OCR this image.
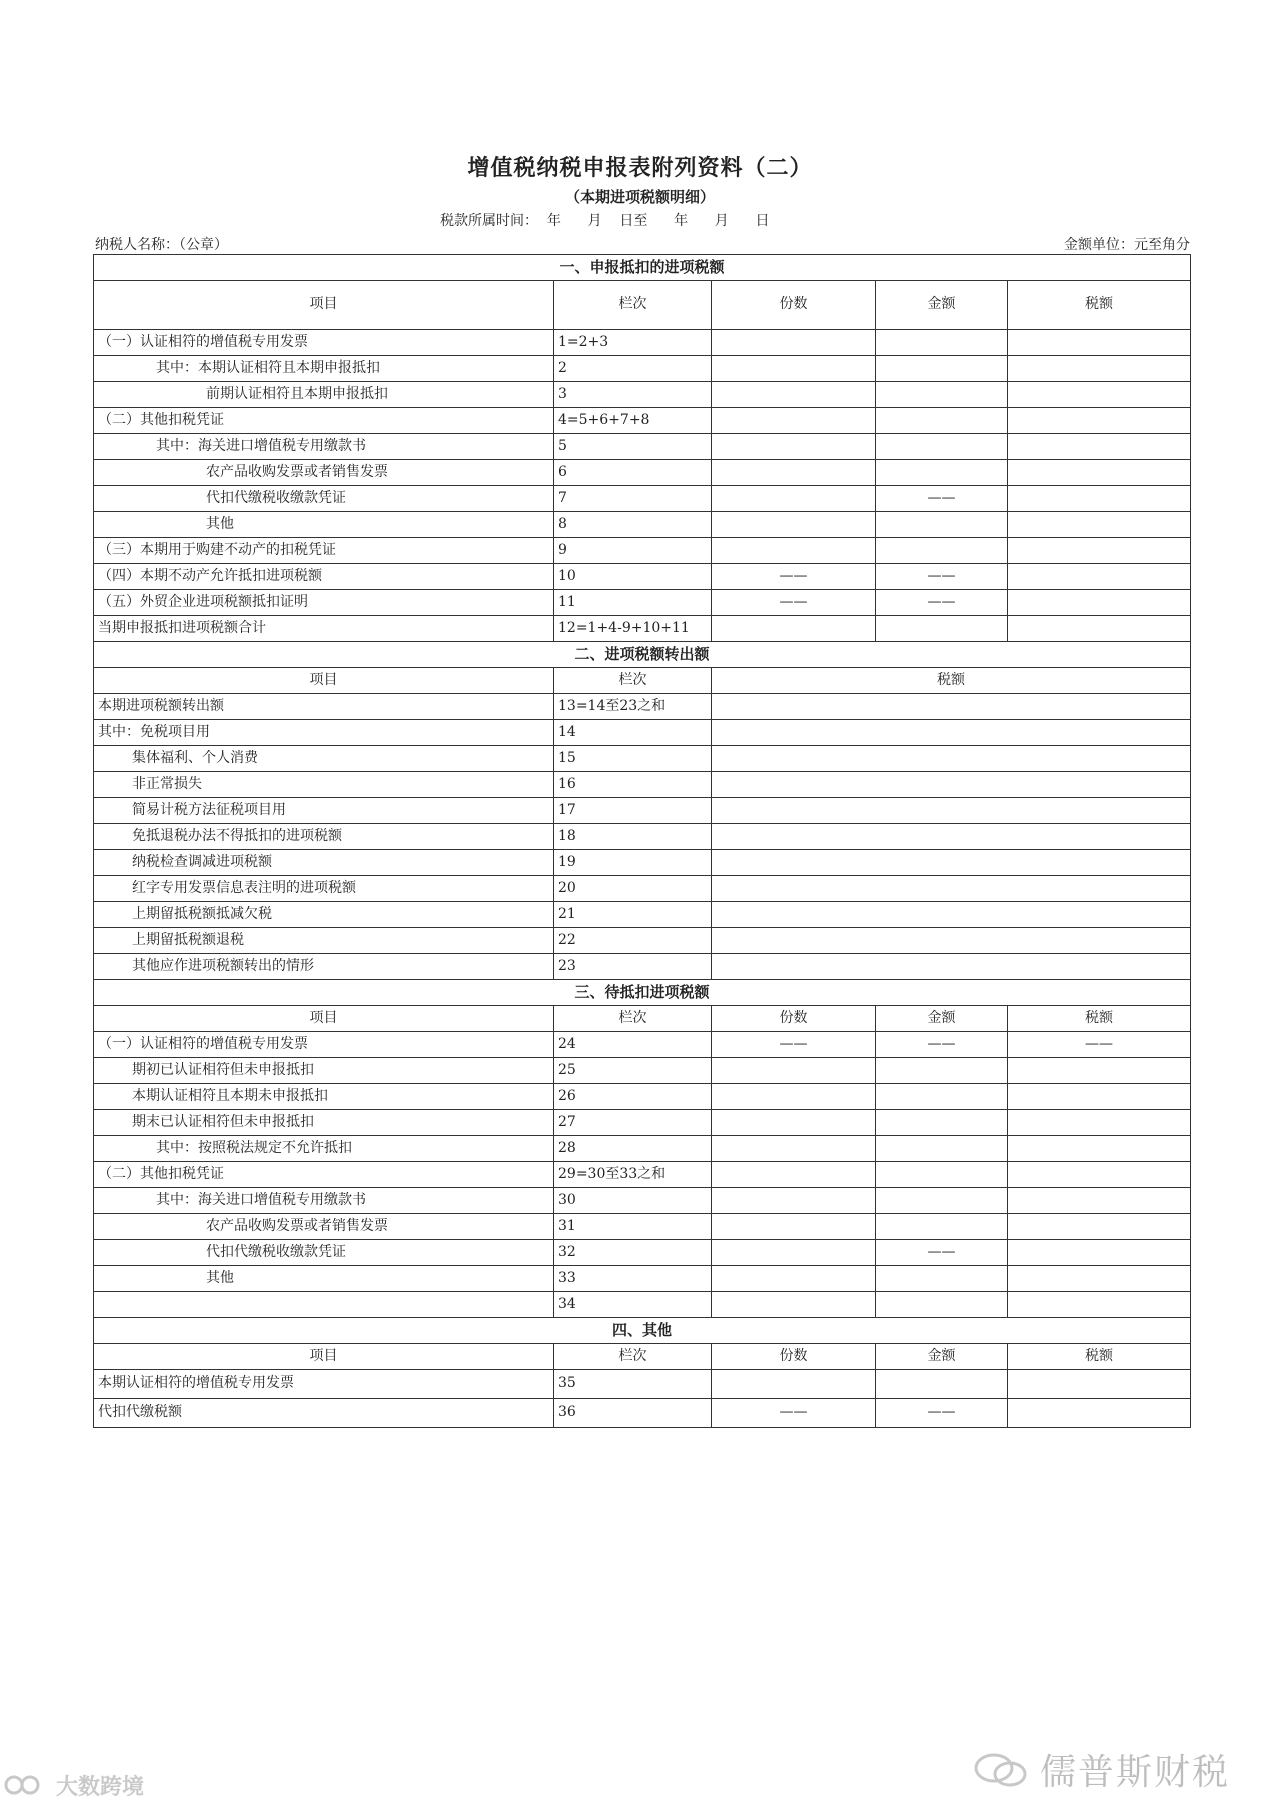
增值税纳税申报表附列资料（二）
（本期进项税额明细）
税款所属时间：  年      月    日至      年      月      日
纳税人名称：（公章）	金额单位：元至角分
一、申报抵扣的进项税额				
项目	栏次	份数	金额	税额
（一）认证相符的增值税专用发票	1=2+3			
其中：本期认证相符且本期申报抵扣	2			
前期认证相符且本期申报抵扣	3			
（二）其他扣税凭证	4=5+6+7+8			
其中：海关进口增值税专用缴款书	5			
农产品收购发票或者销售发票	6			
代扣代缴税收缴款凭证	7		——	
其他	8			
（三）本期用于购建不动产的扣税凭证	9			
（四）本期不动产允许抵扣进项税额	10	——	——	
（五）外贸企业进项税额抵扣证明	11	——	——	
当期申报抵扣进项税额合计	12=1+4-9+10+11			
二、进项税额转出额				
项目	栏次	税额		
本期进项税额转出额	13=14至23之和			
其中：免税项目用	14			
集体福利、个人消费	15			
非正常损失	16			
简易计税方法征税项目用	17			
免抵退税办法不得抵扣的进项税额	18			
纳税检查调减进项税额	19			
红字专用发票信息表注明的进项税额	20			
上期留抵税额抵减欠税	21			
上期留抵税额退税	22			
其他应作进项税额转出的情形	23			
三、待抵扣进项税额				
项目	栏次	份数	金额	税额
（一）认证相符的增值税专用发票	24	——	——	——
期初已认证相符但未申报抵扣	25			
本期认证相符且本期未申报抵扣	26			
期末已认证相符但未申报抵扣	27			
其中：按照税法规定不允许抵扣	28			
（二）其他扣税凭证	29=30至33之和			
其中：海关进口增值税专用缴款书	30			
农产品收购发票或者销售发票	31			
代扣代缴税收缴款凭证	32		——	
其他	33			
	34			
四、其他				
项目	栏次	份数	金额	税额
本期认证相符的增值税专用发票	35			
代扣代缴税额	36	——	——	
儒普斯财税
大数跨境
